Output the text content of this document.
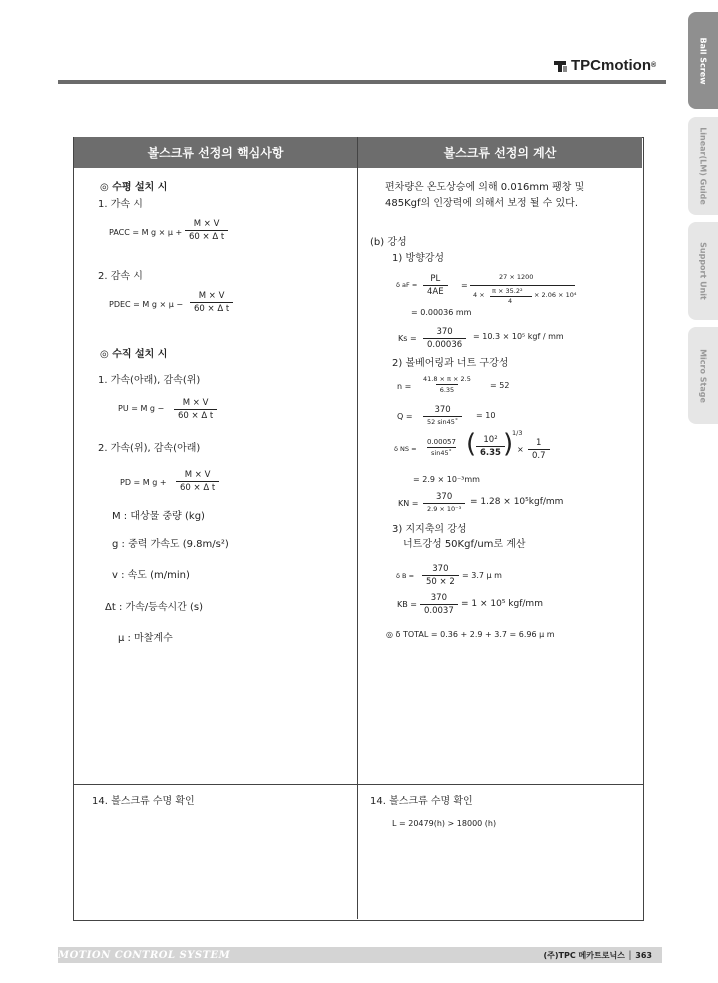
Ball Screw
Linear(LM) Guide
Support Unit
Micro Stage
TPCmotion ®
볼스크류 선정의 핵심사항	볼스크류 선정의 계산
◎ 수평 설치 시
1. 가속 시
PACC = M $g \times \mu + \frac{M \times V}{\text{60 × Δ t}}$
2. 감속 시
PDEC = M $g \times \mu - \frac{M \times V}{\text{60 × Δ t}}$
◎ 수직 설치 시
1. 가속(아래), 감속(위)
PU = M $g - \frac{M \times V}{\text{60 × Δ t}}$
2. 가속(위), 감속(아래)
PD = M $g + \frac{M \times V}{\text{60 × Δ t}}$
M : 대상물 중량 (kg)
g : 중력 가속도 (9.8m/s²)
v : 속도 (m/min)
Δt : 가속/등속시간 (s)
μ : 마찰계수
14. 볼스크류 수명 확인
편차량은 온도상승에 의해 0.016mm 팽창 및
485Kgf의 인장력에 의해서 보정 될 수 있다.
(b) 강성
1) 방향강성
δ aF = $\frac{PL}{4AE}$ =
27 × 1200
4 × π × 35.2²
4
× 2.06 × 10⁴
= 0.00036 mm
$Ks = \frac{370}{0.00036} = 10.3 \times 10^5$ kgf / mm
2) 볼베어링과 너트 구강성
$n = \frac{41.8 \times \pi \times 2.5}{6.35} = 52$
Q =
370
52 sin45˚
= 10
δ NS = $\frac{0.00057}{\sin 45˚}$ ( $\frac{\text{10²}}{6.35}$
)
1/3
× $\frac{1}{0.7}$
= 2.9 × 10⁻³mm
KN =
370
2.9 × 10⁻³
= 1.28 × 10⁵kgf/mm
3) 지지축의 강성
너트강성 50Kgf/um로 계산
δ $B = \frac{370}{50 \times 2} = 3.7$ μ m
KB = $\frac{370}{0.0037} = 1 \times 10^5$ kgf/mm
◎ δ TOTAL = 0.36 + 2.9 + 3.7 = 6.96 μ m
14. 볼스크류 수명 확인
L = 20479(h) > 18000 (h)
MOTION CONTROL SYSTEM	(주)TPC 메카트로닉스 │ 363
